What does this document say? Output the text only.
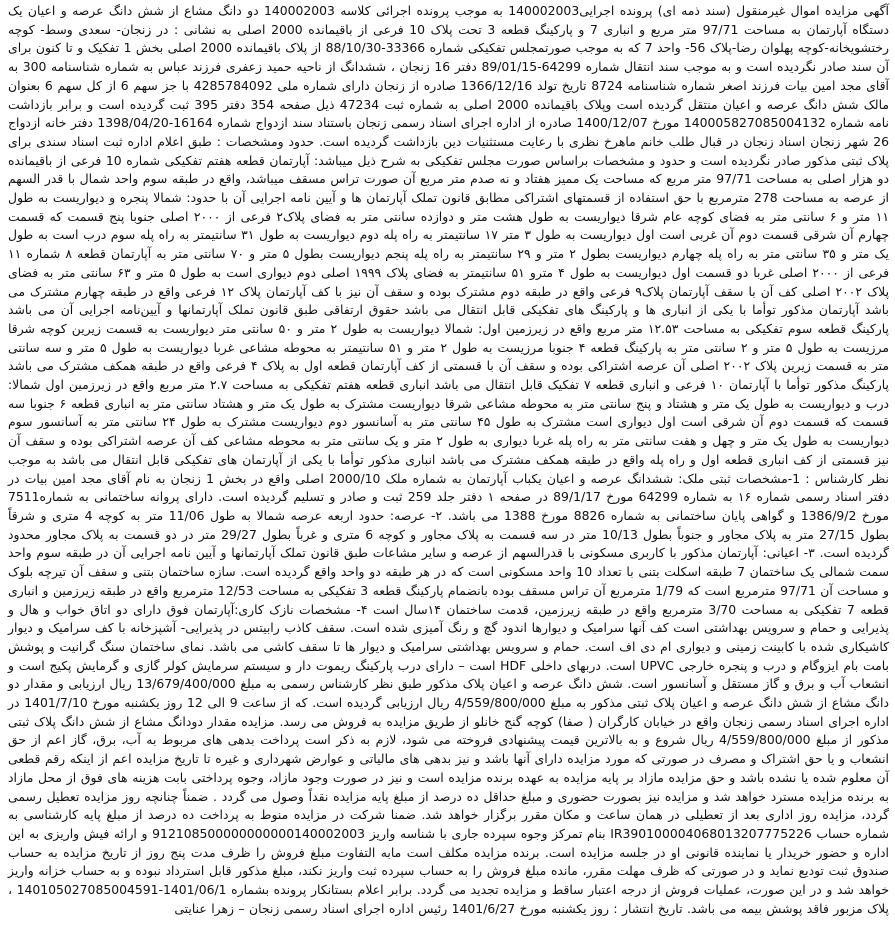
آگهی مزایده اموال غیرمنقول (سند ذمه ای) پرونده اجرایی140002003 به موجب پرونده اجرائی کلاسه 140002003 دو دانگ مشاع از شش دانگ عرصه و اعیان یک دستگاه آپارتمان به مساحت 97/71 متر مربع و انباری 7 و پارکینگ قطعه 3 تحت پلاک 10 فرعی از باقیمانده 2000 اصلی به نشانی : در زنجان- سعدی وسط- کوچه رختشویخانه-کوچه پهلوان رضا-پلاک 56- واحد 7 که به موجب صورتمجلس تفکیکی شماره 33366-88/10/30 از پلاک باقیمانده 2000 اصلی بخش 1 تفکیک و تا کنون برای آن سند صادر نگردیده است و به موجب سند انتقال شماره 64299-89/01/15 دفتر 16 زنجان ، ششدانگ از ناحیه حمید زعفری فرزند عباس به شماره شناسنامه 300 به آقای مجد امین بیات فرزند اصغر شماره شناسنامه 8724 تاریخ تولد 1366/12/16 صادره از زنجان دارای شماره ملی 4285784092 با جز سهم 6 از کل سهم 6 بعنوان مالک شش دانگ عرصه و اعیان منتقل گردیده است وپلاک باقیمانده 2000 اصلی به شماره ثبت 47234 ذیل صفحه 354 دفتر 395 ثبت گردیده است و برابر بازداشت نامه شماره 140005827085004132 مورخ 1400/12/07 صادره از اداره اجرای اسناد رسمی زنجان باستناد سند ازدواج شماره 16164-1398/04/20 دفتر خانه ازدواج 26 شهر زنجان اسناد زنجان در قبال طلب خانم ماهرخ نظری با رعایت مستثنیات دین بازداشت گردیده است. حدود ومشخصات : طبق اعلام اداره ثبت اسناد سندی برای پلاک ثبتی مذکور صادر نگردیده است و حدود و مشخصات براساس صورت مجلس تفکیکی به شرح ذیل میباشد: آپارتمان قطعه هفتم تفکیکی شماره 10 فرعی از باقیمانده دو هزار اصلی به مساحت 97/71 متر مربع که مساحت یک ممیز هفتاد و نه صدم متر مربع آن صورت تراس مسقف میباشد، واقع در طبقه سوم واحد شمال با قدر السهم از عرصه به مساحت 278 مترمربع با حق استفاده از قسمتهای اشتراکی مطابق قانون تملک آپارتمان ها و آیین نامه اجرایی آن با حدود: شمالا پنجره و دیواریست به طول ۱۱ متر و ۶ سانتی متر به فضای کوچه عام شرقا دیواریست به طول هشت متر و دوازده سانتی متر به فضای پلاک۲ فرعی از ۲۰۰۰ اصلی جنوبا پنج قسمت که قسمت چهارم آن شرقی قسمت دوم آن غربی است اول دیواریست به طول ۳ متر ۱۷ سانتیمتر به راه پله دوم دیواریست به طول ۳۱ سانتیمتر به راه پله سوم درب است به طول یک متر و ۳۵ سانتی متر به راه پله چهارم دیواریست بطول ۲ متر و ۲۹ سانتیمتر به راه پله پنجم دیواریست بطول ۵ متر و ۷۰ سانتی متر به آپارتمان قطعه ۸ شماره ۱۱ فرعی از ۲۰۰۰ اصلی غربا دو قسمت اول دیواریست به طول ۴ مترو ۵۱ سانتیمتر به فضای پلاک ۱۹۹۹ اصلی دوم دیواری است به طول ۵ متر و ۶۳ سانتی متر به فضای پلاک ۲۰۰۲ اصلی کف آن با سقف آپارتمان پلاک۹ فرعی واقع در طبقه دوم مشترک بوده و سقف آن نیز با کف آپارتمان پلاک ۱۲ فرعی واقع در طبقه چهارم مشترک می باشد آپارتمان مذکور توأما با یکی از انباری ها و پارکینگ های تفکیکی قابل انتقال می باشد حقوق ارتفاقی طبق قانون تملک آپارتمانها و آیین‌نامه اجرایی آن می باشد پارکینگ قطعه سوم تفکیکی به مساحت ۱۲.۵۳ متر مربع واقع در زیرزمین اول: شمالا دیواریست به طول ۲ متر و ۵۰ سانتی متر دیواریست به قسمت زیرین کوچه شرقا مرزیست به طول ۵ متر و ۲ سانتی متر به پارکینگ قطعه ۴ جنوبا مرزیست به طول ۲ متر و ۵۱ سانتیمتر به محوطه مشاعی غربا دیواریست به طول ۵ متر و سه سانتی متر به قسمت زیرین پلاک ۲۰۰۲ اصلی آن عرصه اشتراکی بوده و سقف آن با قسمتی از کف آپارتمان قطعه اول به پلاک ۴ فرعی واقع در طبقه همکف مشترک می باشد پارکینگ مذکور توأما با آپارتمان ۱۰ فرعی و انباری قطعه ۷ تفکیک قابل انتقال می باشد انباری قطعه هفتم تفکیکی به مساحت ۲.۷ متر مربع واقع در زیرزمین اول شمالا: درب و دیواریست به طول یک متر و هشتاد و پنج سانتی متر به محوطه مشاعی شرقا دیواریست مشترک به طول یک متر و هشتاد سانتی متر به انباری قطعه ۶ جنوبا سه قسمت که قسمت دوم آن شرقی است اول دیواری است مشترک به طول ۴۵ سانتی متر به آسانسور دوم دیواریست مشترک به طول ۲۴ سانتی متر به آسانسور سوم دیواریست به طول یک متر و چهل و هفت سانتی متر به راه پله غربا دیواری به طول ۲ متر و یک سانتی متر به محوطه مشاعی کف آن عرصه اشتراکی بوده و سقف آن نیز قسمتی از کف انباری قطعه اول و راه پله واقع در طبقه همکف مشترک می باشد انباری مذکور توأما با یکی از آپارتمان های تفکیکی قابل انتقال می باشد به موجب نظر کارشناس : 1-مشخصات ثبتی ملک: ششدانگ عرصه و اعیان یکباب آپارتمان به شماره ملک 2000/10 اصلی واقع در بخش 1 زنجان به نام آقای مجد امین بیات در دفتر اسناد رسمی شماره ۱۶ به شماره 64299 مورخ 89/1/17 در صفحه ۱ دفتر جلد 259 ثبت و صادر و تسلیم گردیده است. دارای پروانه ساختمانی به شماره7511 مورخ 1386/9/2 و گواهی پایان ساختمانی به شماره 8826 مورخ 1388 می باشد. ۲- عرصه: حدود اربعه عرصه شمالا به طول 11/06 متر به کوچه 4 متری و شرقاً بطول 27/15 متر به پلاک مجاور و جنوباً بطول 10/13 متر در سه قسمت به پلاک مجاور و کوچه 6 متری و غرباً بطول 29/27 متر در دو قسمت به پلاک مجاور محدود گردیده است. ۳- اعیانی: آپارتمان مذکور با کاربری مسکونی با قدرالسهم از عرصه و سایر مشاعات طبق قانون تملک آپارتمانها و آیین نامه اجرایی آن در طبقه سوم واحد سمت شمالی یک ساختمان 7 طبقه اسکلت بتنی با تعداد 10 واحد مسکونی است که در هر طبقه دو واحد واقع گردیده است. سازه ساختمان بتنی و سقف آن تیرچه بلوک و مساحت آن 97/71 مترمربع است که 1/79 مترمربع آن تراس مسقف بوده بانضمام پارکینگ قطعه 3 تفکیکی به مساحت 12/53 مترمربع واقع در طبقه زیرزمین و انباری قطعه 7 تفکیکی به مساحت 3/70 مترمربع واقع در طبقه زیرزمین، قدمت ساختمان ۱۴سال است ۴- مشخصات نازک کاری:آپارتمان فوق دارای دو اتاق خواب و هال و پذیرایی و حمام و سرویس بهداشتی است کف آنها سرامیک و دیوارها اندود گچ و رنگ آمیزی شده است. سقف کاذب رابیتس در پذیرایی- آشپزخانه با کف سرامیک و دیوار کاشیکاری شده با کابینت زمینی و دیواری ام دی اف است. حمام و سرویس بهداشتی سرامیک و دیوار ها تا سقف کاشی می باشد. نمای ساختمان سنگ گرانیت و پوشش بامت بام ایزوگام و درب و پنجره خارجی UPVC است. دربهای داخلی HDF است – دارای درب پارکینگ ریموت دار و سیستم سرمایش کولر گازی و گرمایش پکیج است و انشعاب آب و برق و گاز مستقل و آسانسور است. شش دانگ عرصه و اعیان پلاک مذکور طبق نظر کارشناس رسمی به مبلغ 13/679/400/000 ریال ارزیابی و مقدار دو دانگ مشاع از شش دانگ عرصه و اعیان پلاک ثبتی مذکور به مبلغ 4/559/800/000 ریال ارزیابی گردیده است. که از ساعت 9 الی 12 روز یکشنبه مورخ 1401/7/10 در اداره اجرای اسناد رسمی زنجان واقع در خیابان کارگران ( صفا) کوچه گنج خانلو از طریق مزایده به فروش می رسد. مزایده مقدار دودانگ مشاع از شش دانگ پلاک ثبتی مذکور از مبلغ 4/559/800/000 ریال شروع و به بالاترین قیمت پیشنهادی فروخته می شود، لازم به ذکر است پرداخت بدهی های مربوط به آب، برق، گاز اعم از حق انشعاب و یا حق اشتراک و مصرف در صورتی که مورد مزایده دارای آنها باشد و نیز بدهی های مالیاتی و عوارض شهرداری و غیره تا تاریخ مزایده اعم از اینکه رقم قطعی آن معلوم شده یا نشده باشد و حق مزایده مازاد بر پایه مزایده به عهده برنده مزایده است و نیز در صورت وجود مازاد، وجوه پرداختی بابت هزینه های فوق از محل مازاد به برنده مزایده مسترد خواهد شد و مزایده نیز بصورت حضوری و مبلغ حداقل ده درصد از مبلغ پایه مزایده نقداً وصول می گردد . ضمناً چنانچه روز مزایده تعطیل رسمی گردد، مزایده روز اداری بعد از تعطیلی در همان ساعت و مکان مقرر برگزار خواهد شد. ضمنا شرکت در مزایده منوط به پرداخت ده درصد از مبلغ پایه کارشناسی به شماره حساب IR390100004068013207775226 بنام تمرکز وجوه سپرده جاری با شناسه واریز 912108500000000000140002003 و ارائه فیش واریزی به این اداره و حضور خریدار یا نماینده قانونی او در جلسه مزایده است. برنده مزایده مکلف است مابه التفاوت مبلغ فروش را ظرف مدت پنج روز از تاریخ مزایده به حساب صندوق ثبت تودیع نماید و در صورتی که ظرف مهلت مقرر، مانده مبلغ فروش را به حساب سپرده ثبت واریز نکند، مبلغ مذکور قابل استرداد نبوده و به حساب خزانه واریز خواهد شد و در این صورت، عملیات فروش از درجه اعتبار ساقط و مزایده تجدید می گردد. برابر اعلام بستانکار پرونده بشماره 1401/06/1-140105027085004591 ، پلاک مزبور فاقد پوشش بیمه می باشد. تاریخ انتشار : روز یکشنبه مورخ 1401/6/27 رئیس اداره اجرای اسناد رسمی زنجان – زهرا عنایتی
